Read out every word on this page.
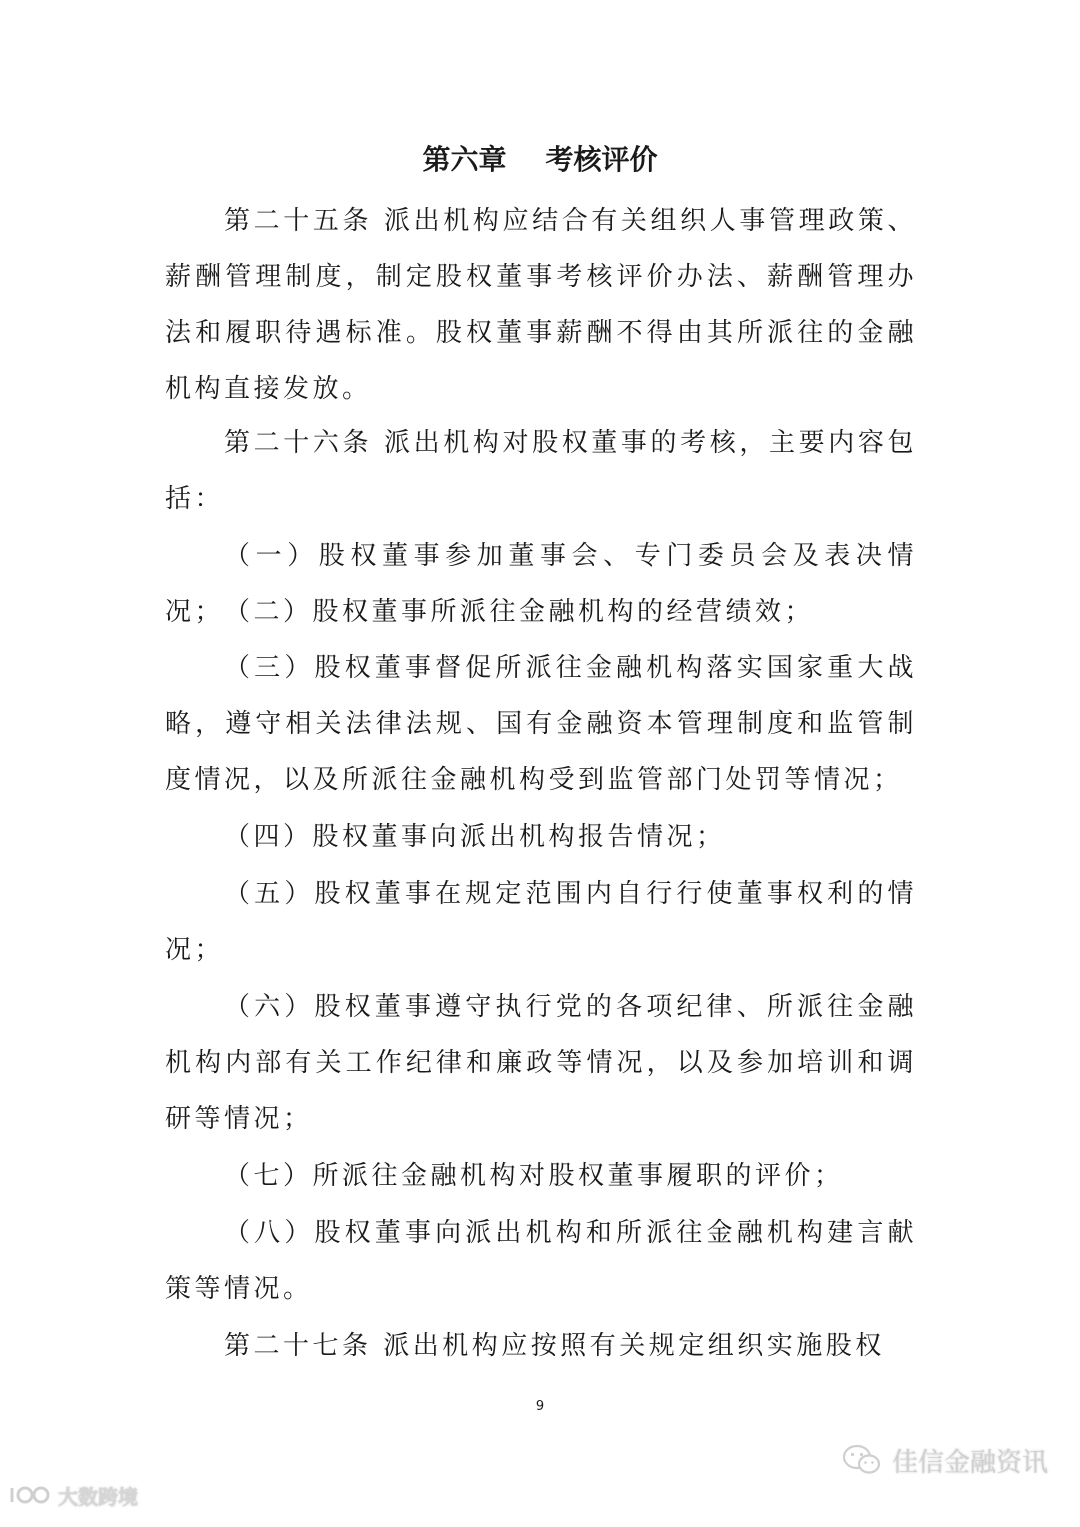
第六章    考核评价

第二十五条 派出机构应结合有关组织人事管理政策、薪酬管理制度，制定股权董事考核评价办法、薪酬管理办法和履职待遇标准。股权董事薪酬不得由其所派往的金融机构直接发放。

第二十六条 派出机构对股权董事的考核，主要内容包括：

（一）股权董事参加董事会、专门委员会及表决情况； （二）股权董事所派往金融机构的经营绩效；

（三）股权董事督促所派往金融机构落实国家重大战略，遵守相关法律法规、国有金融资本管理制度和监管制度情况，以及所派往金融机构受到监管部门处罚等情况；

（四）股权董事向派出机构报告情况；

（五）股权董事在规定范围内自行行使董事权利的情况；

（六）股权董事遵守执行党的各项纪律、所派往金融机构内部有关工作纪律和廉政等情况，以及参加培训和调研等情况；

（七）所派往金融机构对股权董事履职的评价；

（八）股权董事向派出机构和所派往金融机构建言献策等情况。

第二十七条 派出机构应按照有关规定组织实施股权

9
佳信金融资讯
大数跨境
